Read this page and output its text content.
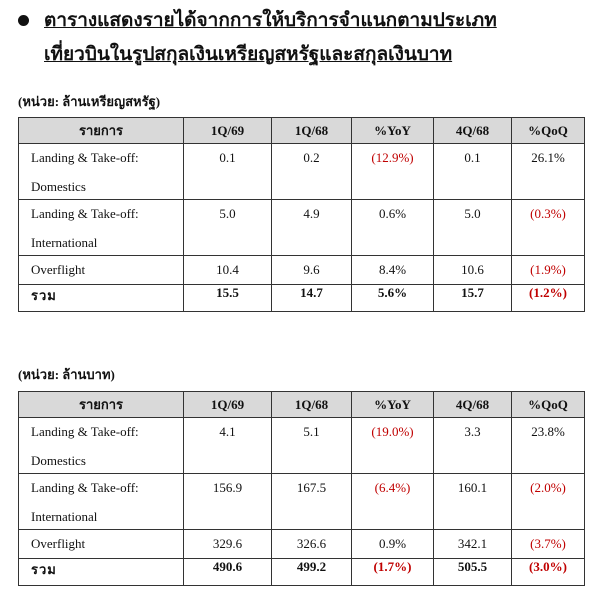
ตารางแสดงรายได้จากการให้บริการจำแนกตามประเภท
เที่ยวบินในรูปสกุลเงินเหรียญสหรัฐและสกุลเงินบาท
(หน่วย: ล้านเหรียญสหรัฐ)
รายการ	1Q/69	1Q/68	%YoY	4Q/68	%QoQ

Landing & Take-off:
Domestics	0.1	0.2	(12.9%)	0.1	26.1%

Landing & Take-off:
International	5.0	4.9	0.6%	5.0	(0.3%)

Overflight	10.4	9.6	8.4%	10.6	(1.9%)

รวม	15.5	14.7	5.6%	15.7	(1.2%)
(หน่วย: ล้านบาท)
รายการ	1Q/69	1Q/68	%YoY	4Q/68	%QoQ

Landing & Take-off:
Domestics	4.1	5.1	(19.0%)	3.3	23.8%

Landing & Take-off:
International	156.9	167.5	(6.4%)	160.1	(2.0%)

Overflight	329.6	326.6	0.9%	342.1	(3.7%)

รวม	490.6	499.2	(1.7%)	505.5	(3.0%)
